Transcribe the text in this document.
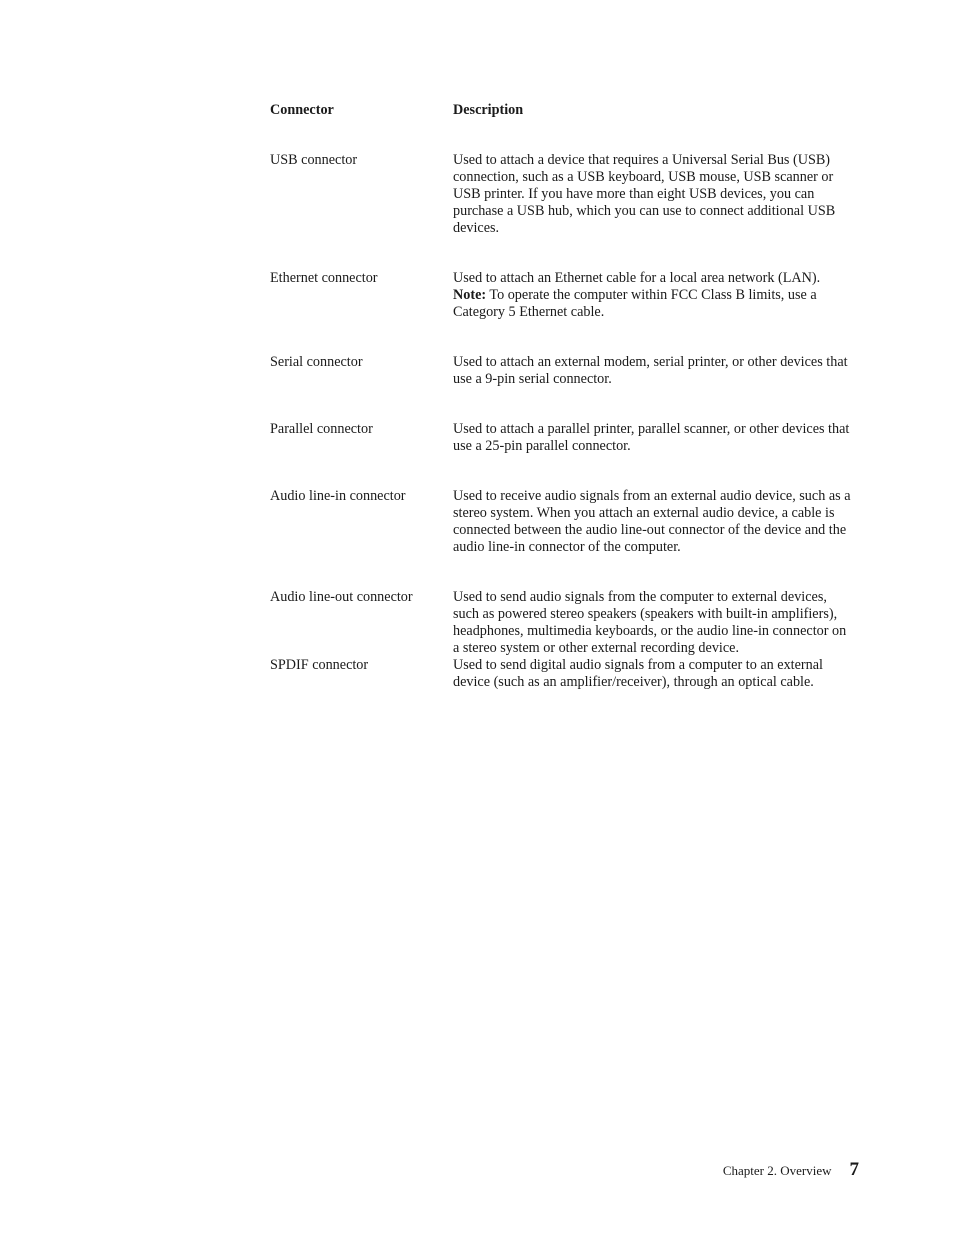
Connector	Description
USB connector	Used to attach a device that requires a Universal Serial Bus (USB) connection, such as a USB keyboard, USB mouse, USB scanner or USB printer. If you have more than eight USB devices, you can purchase a USB hub, which you can use to connect additional USB devices.
Ethernet connector	Used to attach an Ethernet cable for a local area network (LAN).
Note: To operate the computer within FCC Class B limits, use a Category 5 Ethernet cable.
Serial connector	Used to attach an external modem, serial printer, or other devices that use a 9-pin serial connector.
Parallel connector	Used to attach a parallel printer, parallel scanner, or other devices that use a 25-pin parallel connector.
Audio line-in connector	Used to receive audio signals from an external audio device, such as a stereo system. When you attach an external audio device, a cable is connected between the audio line-out connector of the device and the audio line-in connector of the computer.
Audio line-out connector	Used to send audio signals from the computer to external devices, such as powered stereo speakers (speakers with built-in amplifiers), headphones, multimedia keyboards, or the audio line-in connector on a stereo system or other external recording device.
SPDIF connector	Used to send digital audio signals from a computer to an external device (such as an amplifier/receiver), through an optical cable.
Chapter 2. Overview 7
